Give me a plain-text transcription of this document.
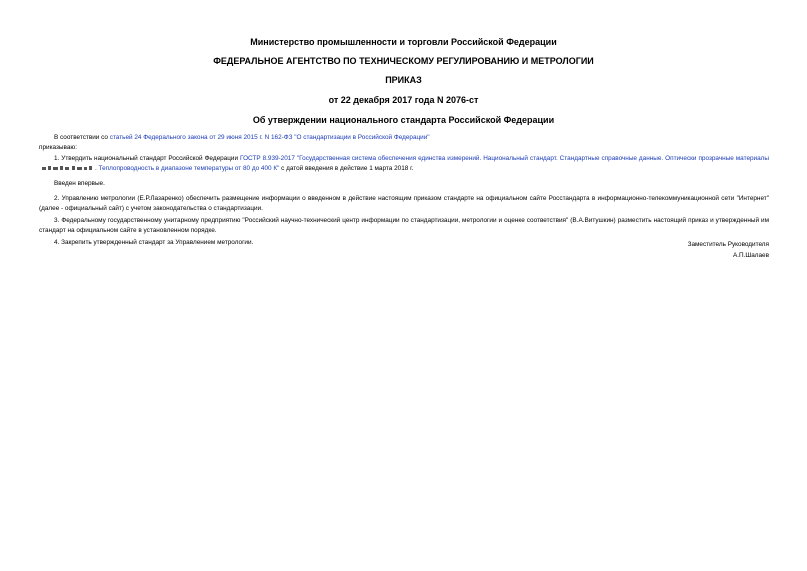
Министерство промышленности и торговли Российской Федерации
ФЕДЕРАЛЬНОЕ АГЕНТСТВО ПО ТЕХНИЧЕСКОМУ РЕГУЛИРОВАНИЮ И МЕТРОЛОГИИ
ПРИКАЗ
от 22 декабря 2017 года N 2076-ст
Об утверждении национального стандарта Российской Федерации

В соответствии со статьей 24 Федерального закона от 29 июня 2015 г. N 162-ФЗ "О стандартизации в Российской Федерации"

приказываю:

1. Утвердить национальный стандарт Российской Федерации ГОСТР 8.939-2017 "Государственная система обеспечения единства измерений. Национальный стандарт. Стандартные справочные данные. Оптически прозрачные материалы. Теплопроводность в диапазоне температуры от 80 до 400 К" с датой введения в действие 1 марта 2018 г.

Введен впервые.

2. Управлению метрологии (Е.Р.Лазаренко) обеспечить размещение информации о введенном в действие настоящим приказом стандарте на официальном сайте Росстандарта в информационно-телекоммуникационной сети "Интернет" (далее - официальный сайт) с учетом законодательства о стандартизации.

3. Федеральному государственному унитарному предприятию "Российский научно-технический центр информации по стандартизации, метрологии и оценке соответствия" (В.А.Витушкин) разместить настоящий приказ и утвержденный им стандарт на официальном сайте в установленном порядке.

4. Закрепить утвержденный стандарт за Управлением метрологии.	Заместитель Руководителя
А.П.Шалаев
